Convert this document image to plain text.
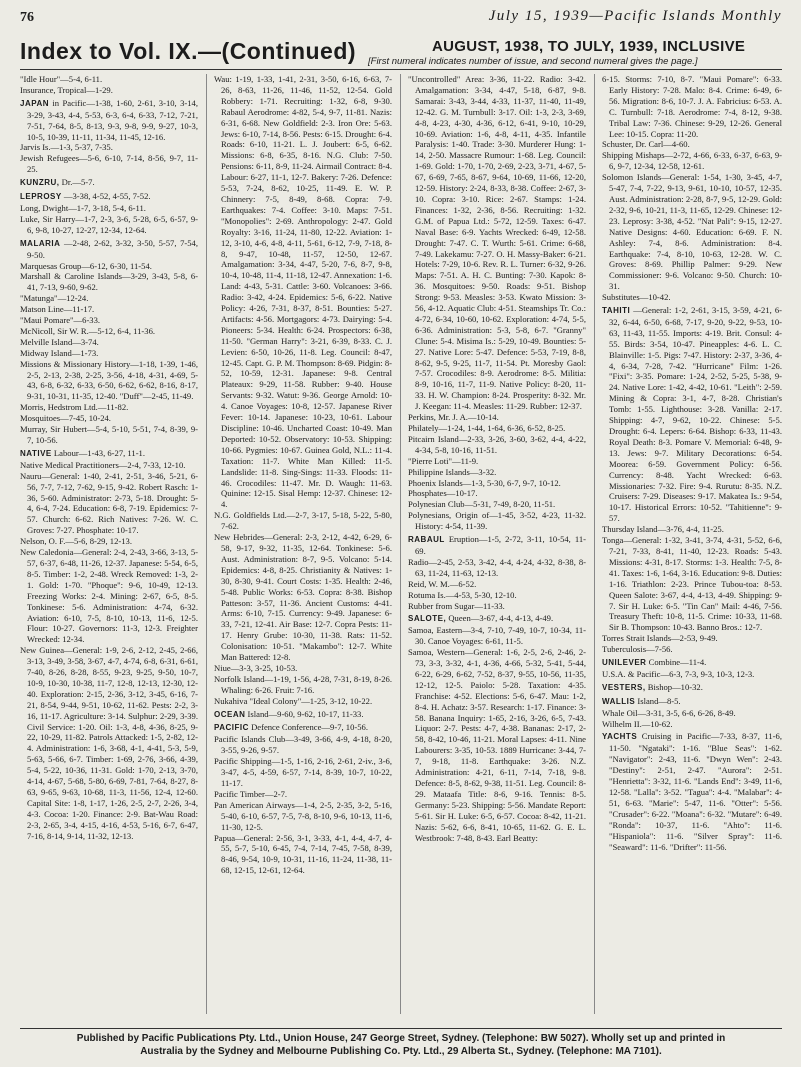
76	July 15, 1939—Pacific Islands Monthly
Index to Vol. IX.—(Continued)	AUGUST, 1938, TO JULY, 1939, INCLUSIVE
[First numeral indicates number of issue, and second numeral gives the page.]

"Idle Hour"—5-4, 6-11.

Insurance, Tropical—1-29.

JAPAN in Pacific—1-38, 1-60, 2-61, 3-10, 3-14, 3-29, 3-43, 4-4, 5-53, 6-3, 6-4, 6-33, 7-12, 7-21, 7-51, 7-64, 8-5, 8-13, 9-3, 9-8, 9-9, 9-27, 10-3, 10-5, 10-39, 11-11, 11-34, 11-45, 12-16.

Jarvis Is.—1-3, 5-37, 7-35.

Jewish Refugees—5-6, 6-10, 7-14, 8-56, 9-7, 11-25.

KUNZRU, Dr.—5-7.

LEPROSY —3-38, 4-52, 4-55, 7-52.

Long, Dwight—1-7, 3-18, 5-4, 6-11.

Luke, Sir Harry—1-7, 2-3, 3-6, 5-28, 6-5, 6-57, 9-6, 9-8, 10-27, 12-27, 12-34, 12-64.

MALARIA —2-48, 2-62, 3-32, 3-50, 5-57, 7-54, 9-50.

Marquesas Group—6-12, 6-30, 11-54.

Marshall & Caroline Islands—3-29, 3-43, 5-8, 6-41, 7-13, 9-60, 9-62.

"Matunga"—12-24.

Matson Line—11-17.

"Maui Pomare"—6-33.

McNicoll, Sir W. R.—5-12, 6-4, 11-36.

Melville Island—3-74.

Midway Island—1-73.

Missions & Missionary History—1-18, 1-39, 1-46, 2-5, 2-13, 2-38, 2-25, 3-56, 4-18, 4-31, 4-69, 5-43, 6-8, 6-32, 6-33, 6-50, 6-62, 6-62, 8-16, 8-17, 9-31, 10-31, 11-35, 12-40. "Duff"—2-45, 11-49.

Morris, Hedstrom Ltd.—11-82.

Mosquitoes—7-45, 10-24.

Murray, Sir Hubert—5-4, 5-10, 5-51, 7-4, 8-39, 9-7, 10-56.

NATIVE Labour—1-43, 6-27, 11-1.

Native Medical Practitioners—2-4, 7-33, 12-10.

Nauru—General: 1-40, 2-41, 2-51, 3-46, 5-21, 6-56, 7-7, 7-12, 7-62, 9-15, 9-42. Robert Rasch: 1-36, 5-60. Administrator: 2-73, 5-18. Drought: 5-4, 6-4, 7-24. Education: 6-8, 7-19. Epidemics: 7-57. Church: 6-62. Rich Natives: 7-26. W. C. Groves: 7-27. Phosphate: 10-17.

Nelson, O. F.—5-6, 8-29, 12-13.

New Caledonia—General: 2-4, 2-43, 3-66, 3-13, 5-57, 6-37, 6-48, 11-26, 12-37. Japanese: 5-54, 6-5, 8-5. Timber: 1-2, 2-48. Wreck Removed: 1-3, 2-1. Gold: 1-70. "Phoque": 9-6, 10-49, 12-13. Freezing Works: 2-4. Mining: 2-67, 6-5, 8-5. Tonkinese: 5-6. Administration: 4-74, 6-32. Aviation: 6-10, 7-5, 8-10, 10-13, 11-6, 12-5. Flour: 10-27. Governors: 11-3, 12-3. Freighter Wrecked: 12-34.

New Guinea—General: 1-9, 2-6, 2-12, 2-45, 2-66, 3-13, 3-49, 3-58, 3-67, 4-7, 4-74, 6-8, 6-31, 6-61, 7-40, 8-26, 8-28, 8-55, 9-23, 9-25, 9-50, 10-7, 10-9, 10-30, 10-38, 11-7, 12-8, 12-13, 12-30, 12-40. Exploration: 2-15, 2-36, 3-12, 3-45, 6-16, 7-21, 8-54, 9-44, 9-51, 10-62, 11-62. Pests: 2-2, 3-16, 11-17. Agriculture: 3-14. Sulphur: 2-29, 3-39. Civil Service: 1-20. Oil: 1-3, 4-8, 4-36, 8-25, 9-22, 10-29, 11-82. Patrols Attacked: 1-5, 2-82, 12-4. Administration: 1-6, 3-68, 4-1, 4-41, 5-3, 5-9, 5-63, 5-66, 6-7. Timber: 1-69, 2-76, 3-66, 4-39, 5-4, 5-22, 10-36, 11-31. Gold: 1-70, 2-13, 3-70, 4-14, 4-67, 5-68, 5-80, 6-69, 7-81, 7-64, 8-27, 8-63, 9-65, 9-63, 10-68, 11-3, 11-56, 12-4, 12-60. Capital Site: 1-8, 1-17, 1-26, 2-5, 2-7, 2-26, 3-4, 4-3. Cocoa: 1-20. Finance: 2-9. Bat-Wau Road: 2-3, 2-65, 3-4, 4-15, 4-16, 4-53, 5-16, 6-7, 6-47, 7-16, 8-14, 9-14, 11-32, 12-13.

Wau: 1-19, 1-33, 1-41, 2-31, 3-50, 6-16, 6-63, 7-26, 8-63, 11-26, 11-46, 11-52, 12-54. Gold Robbery: 1-71. Recruiting: 1-32, 6-8, 9-30. Rabaul Aerodrome: 4-82, 5-4, 9-7, 11-81. Nazis: 6-31, 6-68. New Goldfield: 2-3. Iron Ore: 5-63. Jews: 6-10, 7-14, 8-56. Pests: 6-15. Drought: 6-4. Roads: 6-10, 11-21. L. J. Joubert: 6-5, 6-62. Missions: 6-8, 6-35, 8-16. N.G. Club: 7-50. Pensions: 6-11, 8-9, 11-24. Airmail Contract: 8-4. Labour: 6-27, 11-1, 12-7. Bakery: 7-26. Defence: 5-53, 7-24, 8-62, 10-25, 11-49. E. W. P. Chinnery: 7-5, 8-49, 8-68. Copra: 7-9. Earthquakes: 7-4. Coffee: 3-10. Maps: 7-51. "Monopolies": 2-69. Anthropology: 2-47. Gold Royalty: 3-16, 11-24, 11-80, 12-22. Aviation: 1-12, 3-10, 4-6, 4-8, 4-11, 5-61, 6-12, 7-9, 7-18, 8-8, 9-47, 10-48, 11-57, 12-50, 12-67. Amalgamation: 3-34, 4-47, 5-20, 7-6, 8-7, 9-8, 10-4, 10-48, 11-4, 11-18, 12-47. Annexation: 1-6. Land: 4-43, 5-31. Cattle: 3-60. Volcanoes: 3-66. Radio: 3-42, 4-24. Epidemics: 5-6, 6-22. Native Policy: 4-26, 7-31, 8-37, 8-51. Bounties: 5-27. Artifacts: 4-56. Mortgagors: 4-73. Dairying: 5-4. Pioneers: 5-34. Health: 6-24. Prospectors: 6-38, 11-50. "German Harry": 3-21, 6-39, 8-33. C. J. Levien: 6-50, 10-26, 11-8. Leg. Council: 8-47, 12-45. Capt. G. P. M. Thompson: 8-69. Pidgin: 8-52, 10-59, 12-31. Japanese: 9-8. Central Plateaux: 9-29, 11-58. Rubber: 9-40. House Servants: 9-32. Watut: 9-36. George Arnold: 10-4. Canoe Voyages: 10-8, 12-57. Japanese River Fever: 10-14. Japanese: 10-23, 10-61. Labour Discipline: 10-46. Uncharted Coast: 10-49. Man Deported: 10-52. Observatory: 10-53. Shipping: 10-66. Pygmies: 10-67. Guinea Gold, N.L.: 11-4. Taxation: 11-7. White Man Killed: 11-5. Landslide: 11-8. Sing-Sings: 11-33. Floods: 11-46. Crocodiles: 11-47. Mr. D. Waugh: 11-63. Quinine: 12-15. Sisal Hemp: 12-37. Chinese: 12-4.

N.G. Goldfields Ltd.—2-7, 3-17, 5-18, 5-22, 5-80, 7-62.

New Hebrides—General: 2-3, 2-12, 4-42, 6-29, 6-58, 9-17, 9-32, 11-35, 12-64. Tonkinese: 5-6. Aust. Administration: 8-7, 9-5. Volcano: 5-14. Epidemics: 4-8, 8-25. Christianity & Natives: 1-30, 8-30, 9-41. Court Costs: 1-35. Health: 2-46, 5-48. Public Works: 6-53. Copra: 8-38. Bishop Patteson: 3-57, 11-36. Ancient Customs: 4-41. Arms: 6-10, 7-15. Currency: 9-49. Japanese: 6-33, 7-21, 12-41. Air Base: 12-7. Copra Pests: 11-17. Henry Grube: 10-30, 11-38. Rats: 11-52. Colonisation: 10-51. "Makambo": 12-7. White Man Battered: 12-8.

Niue—3-3, 3-25, 10-53.

Norfolk Island—1-19, 1-56, 4-28, 7-31, 8-19, 8-26. Whaling: 6-26. Fruit: 7-16.

Nukahiva "Ideal Colony"—1-25, 3-12, 10-22.

OCEAN Island—9-60, 9-62, 10-17, 11-33.

PACIFIC Defence Conference—9-7, 10-56.

Pacific Islands Club—3-49, 3-66, 4-9, 4-18, 8-20, 3-55, 9-26, 9-57.

Pacific Shipping—1-5, 1-16, 2-16, 2-61, 2-iv., 3-6, 3-47, 4-5, 4-59, 6-57, 7-14, 8-39, 10-7, 10-22, 11-17.

Pacific Timber—2-7.

Pan American Airways—1-4, 2-5, 2-35, 3-2, 5-16, 5-40, 6-10, 6-57, 7-5, 7-8, 8-10, 9-6, 10-13, 11-6, 11-30, 12-5.

Papua—General: 2-56, 3-1, 3-33, 4-1, 4-4, 4-7, 4-55, 5-7, 5-10, 6-45, 7-4, 7-14, 7-45, 7-58, 8-39, 8-46, 9-54, 10-9, 10-31, 11-16, 11-24, 11-38, 11-68, 12-15, 12-61, 12-64.

"Uncontrolled" Area: 3-36, 11-22. Radio: 3-42. Amalgamation: 3-34, 4-47, 5-18, 6-87, 9-8. Samarai: 3-43, 3-44, 4-33, 11-37, 11-40, 11-49, 12-42. G. M. Turnbull: 3-17. Oil: 1-3, 2-3, 3-69, 4-8, 4-23, 4-30, 4-36, 6-12, 6-41, 9-10, 10-29, 10-69. Aviation: 1-6, 4-8, 4-11, 4-35. Infantile Paralysis: 1-40. Trade: 3-30. Murderer Hung: 1-14, 2-50. Massacre Rumour: 1-68. Leg. Council: 1-69. Gold: 1-70, 1-70, 2-69, 2-23, 3-71, 4-67, 5-67, 6-69, 7-65, 8-67, 9-64, 10-69, 11-66, 12-20, 12-59. History: 2-24, 8-33, 8-38. Coffee: 2-67, 3-10. Copra: 3-10. Rice: 2-67. Stamps: 1-24. Finances: 1-32, 2-36, 8-56. Recruiting: 1-32. G.M. of Papua Ltd.: 5-72, 12-59. Taxes: 6-47. Naval Base: 6-9. Yachts Wrecked: 6-49, 12-58. Drought: 7-47. C. T. Wurth: 5-61. Crime: 6-68, 7-49. Lakekamu: 7-27. O. H. Massy-Baker: 6-21. Hotels: 7-29, 10-6. Rev. R. L. Turner: 6-32, 9-26. Maps: 7-51. A. H. C. Bunting: 7-30. Kapok: 8-36. Mosquitoes: 9-50. Roads: 9-51. Bishop Strong: 9-53. Measles: 3-53. Kwato Mission: 3-56, 4-12. Aquatic Club: 4-51. Steamships Tr. Co.: 4-72, 6-34, 10-60, 10-62. Exploration: 4-74, 5-5, 6-36. Administration: 5-3, 5-8, 6-7. "Granny" Clune: 5-4. Misima Is.: 5-29, 10-49. Bounties: 5-27. Native Lore: 5-47. Defence: 5-53, 7-19, 8-8, 8-62, 9-5, 9-25, 11-7, 11-54. Pt. Moresby Gaol: 7-57. Crocodiles: 8-9. Aerodrome: 8-5. Militia: 8-9, 10-16, 11-7, 11-9. Native Policy: 8-20, 11-33. H. W. Champion: 8-24. Prosperity: 8-32. Mr. J. Keegan: 11-4. Measles: 11-29. Rubber: 12-37.

Perkins, Mr. J. A.—10-14.

Philately—1-24, 1-44, 1-64, 6-36, 6-52, 8-25.

Pitcairn Island—2-33, 3-26, 3-60, 3-62, 4-4, 4-22, 4-34, 5-8, 10-16, 11-51.

"Pierre Loti"—11-9.

Philippine Islands—3-32.

Phoenix Islands—1-3, 5-30, 6-7, 9-7, 10-12.

Phosphates—10-17.

Polynesian Club—5-31, 7-49, 8-20, 11-51.

Polynesians, Origin of—1-45, 3-52, 4-23, 11-32. History: 4-54, 11-39.

RABAUL Eruption—1-5, 2-72, 3-11, 10-54, 11-69.

Radio—2-45, 2-53, 3-42, 4-4, 4-24, 4-32, 8-38, 8-63, 11-24, 11-63, 12-13.

Reid, W. M.—6-52.

Rotuma Is.—4-53, 5-30, 12-10.

Rubber from Sugar—11-33.

SALOTE, Queen—3-67, 4-4, 4-13, 4-49.

Samoa, Eastern—3-4, 7-10, 7-49, 10-7, 10-34, 11-30. Canoe Voyages: 6-61, 11-5.

Samoa, Western—General: 1-6, 2-5, 2-6, 2-46, 2-73, 3-3, 3-32, 4-1, 4-36, 4-66, 5-32, 5-41, 5-44, 6-22, 6-29, 6-62, 7-52, 8-37, 9-55, 10-56, 11-35, 12-12, 12-5. Paiolo: 5-28. Taxation: 4-35. Franchise: 4-52. Elections: 5-6, 6-47. Mau: 1-2, 8-4. H. Achatz: 3-57. Research: 1-17. Finance: 3-58. Banana Inquiry: 1-65, 2-16, 3-26, 6-5, 7-43. Liquor: 2-7. Pests: 4-7, 4-38. Bananas: 2-17, 2-58, 8-42, 10-46, 11-21. Moral Lapses: 4-11. Nine Labourers: 3-35, 10-53. 1889 Hurricane: 3-44, 7-7, 9-18, 11-8. Earthquake: 3-26. N.Z. Administration: 4-21, 6-11, 7-14, 7-18, 9-8. Defence: 8-5, 8-62, 9-38, 11-51. Leg. Council: 8-29. Mataafa Title: 8-6, 9-16. Tennis: 8-5. Germany: 5-23. Shipping: 5-56. Mandate Report: 5-61. Sir H. Luke: 6-5, 6-57. Cocoa: 8-42, 11-21. Nazis: 5-62, 6-6, 8-41, 10-65, 11-62. G. E. L. Westbrook: 7-48, 8-43. Earl Beatty:

6-15. Storms: 7-10, 8-7. "Maui Pomare": 6-33. Early History: 7-28. Malo: 8-4. Crime: 6-49, 6-56. Migration: 8-6, 10-7. J. A. Fabricius: 6-53. A. C. Turnbull: 7-18. Aerodrome: 7-4, 8-12, 9-38. Tribal Law: 7-36. Chinese: 9-29, 12-26. General Lee: 10-15. Copra: 11-20.

Schuster, Dr. Carl—4-60.

Shipping Mishaps—2-72, 4-66, 6-33, 6-37, 6-63, 9-6, 9-7, 12-34, 12-58, 12-61.

Solomon Islands—General: 1-54, 1-30, 3-45, 4-7, 5-47, 7-4, 7-22, 9-13, 9-61, 10-10, 10-57, 12-35. Aust. Administration: 2-28, 8-7, 9-5, 12-29. Gold: 2-32, 9-6, 10-21, 11-3, 11-65, 12-29. Chinese: 12-23. Leprosy: 3-38, 4-52. "Nat Pali": 9-15, 12-27. Native Designs: 4-60. Education: 6-69. F. N. Ashley: 7-4, 8-6. Administration: 8-4. Earthquake: 7-4, 8-10, 10-63, 12-28. W. C. Groves: 8-69. Phillip Palmer: 9-29. New Commissioner: 9-6. Volcano: 9-50. Church: 10-31.

Substitutes—10-42.

TAHITI —General: 1-2, 2-61, 3-15, 3-59, 4-21, 6-32, 6-44, 6-50, 6-68, 7-17, 9-20, 9-22, 9-53, 10-63, 11-43, 11-55. Imports: 4-19. Brit. Consul: 4-55. Birds: 3-54, 10-47. Pineapples: 4-6. L. C. Blainville: 1-5. Pigs: 7-47. History: 2-37, 3-36, 4-4, 6-34, 7-28, 7-42. "Hurricane" Film: 1-26. "Fixi": 3-35. Pomare: 1-24, 2-52, 5-25, 5-38, 9-24. Native Lore: 1-42, 4-42, 10-61. "Leith": 2-59. Mining & Copra: 3-1, 4-7, 8-28. Christian's Tomb: 1-55. Lighthouse: 3-28. Vanilla: 2-17. Shipping: 4-7, 9-62, 10-22. Chinese: 5-5. Drought: 6-4. Lepers: 6-64. Bishop: 6-33, 11-43. Royal Death: 8-3. Pomare V. Memorial: 6-48, 9-13. Jews: 9-7. Military Decorations: 6-54. Moorea: 6-59. Government Policy: 6-56. Currency: 8-48. Yacht Wrecked: 6-63. Missionaries: 7-32. Fire: 9-4. Rurutu: 8-35. N.Z. Cruisers: 7-29. Diseases: 9-17. Makatea Is.: 9-54, 10-17. Historical Errors: 10-52. "Tahitienne": 9-57.

Thursday Island—3-76, 4-4, 11-25.

Tonga—General: 1-32, 3-41, 3-74, 4-31, 5-52, 6-6, 7-21, 7-33, 8-41, 11-40, 12-23. Roads: 5-43. Missions: 4-31, 8-17. Storms: 1-3. Health: 7-5, 8-41. Taxes: 1-6, 1-64, 3-16. Education: 9-8. Duties: 1-16. Triathlon: 2-23. Prince Tubou-toa: 8-53. Queen Salote: 3-67, 4-4, 4-13, 4-49. Shipping: 9-7. Sir H. Luke: 6-5. "Tin Can" Mail: 4-46, 7-56. Treasury Theft: 10-8, 11-5. Crime: 10-33, 11-68. Sir B. Thompson: 10-43. Banno Bros.: 12-7.

Torres Strait Islands—2-53, 9-49.

Tuberculosis—7-56.

UNILEVER Combine—11-4.

U.S.A. & Pacific—6-3, 7-3, 9-3, 10-3, 12-3.

VESTERS, Bishop—10-32.

WALLIS Island—8-5.

Whale Oil—3-31, 3-5, 6-6, 6-26, 8-49.

Wilhelm II.—10-62.

YACHTS Cruising in Pacific—7-33, 8-37, 11-6, 11-50. "Ngataki": 1-16. "Blue Seas": 1-62. "Navigator": 2-43, 11-6. "Dwyn Wen": 2-43. "Destiny": 2-51, 2-47. "Aurora": 2-51. "Henrietta": 3-32, 11-6. "Lands End": 3-49, 11-6, 12-58. "Lalla": 3-52. "Tagua": 4-4. "Malabar": 4-51, 6-63. "Marie": 5-47, 11-6. "Otter": 5-56. "Crusader": 6-22. "Moana": 6-32. "Mutare": 6-49. "Ronda": 10-37, 11-6. "Ahto": 11-6. "Hispaniola": 11-6. "Silver Spray": 11-6. "Seaward": 11-6. "Drifter": 11-56.

Published by Pacific Publications Pty. Ltd., Union House, 247 George Street, Sydney. (Telephone: BW 5027). Wholly set up and printed in
Australia by the Sydney and Melbourne Publishing Co. Pty. Ltd., 29 Alberta St., Sydney. (Telephone: MA 7101).
